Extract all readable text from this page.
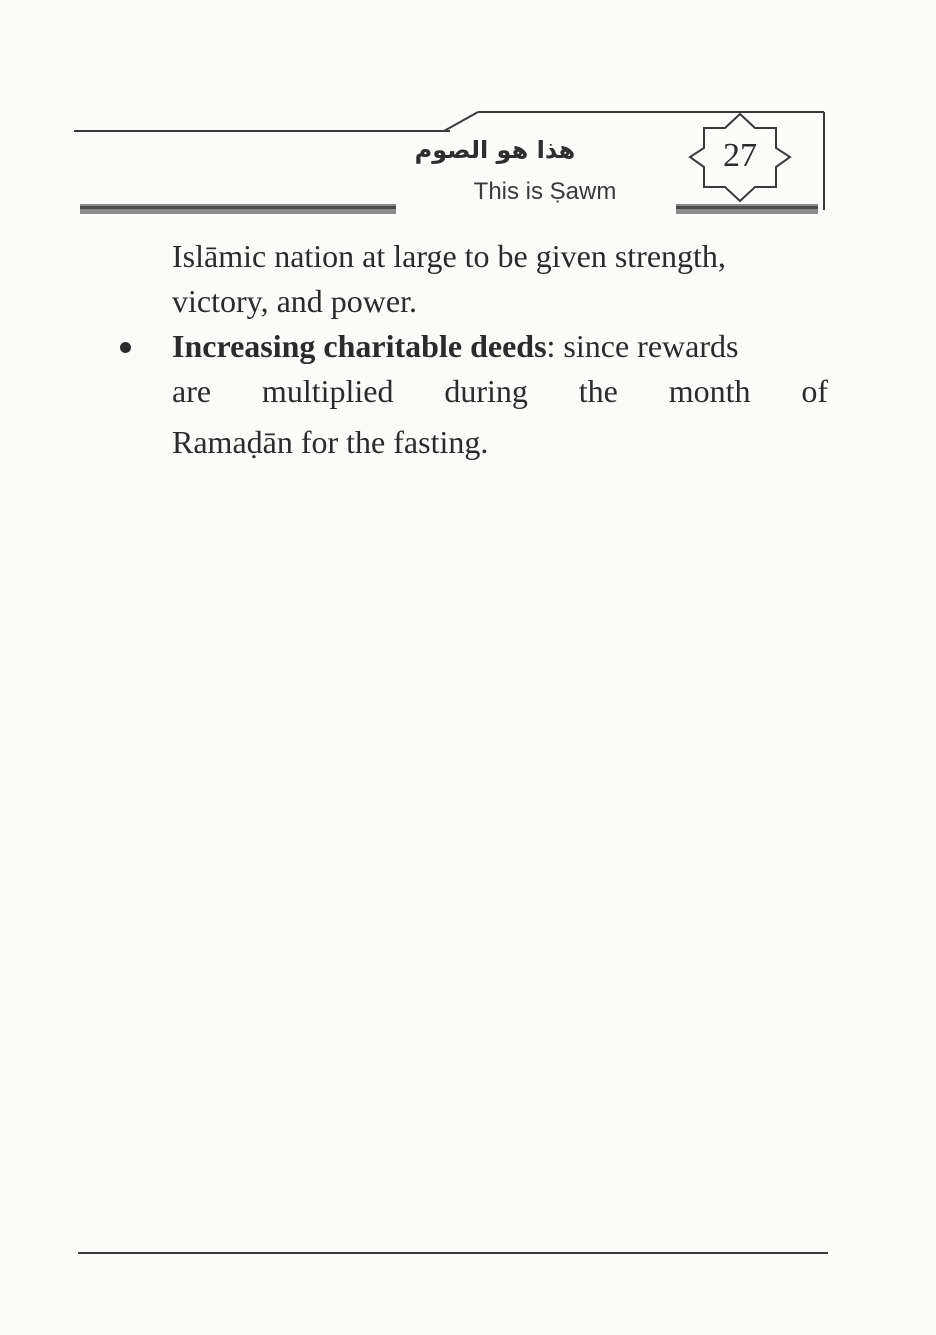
هذا هو الصوم
This is Ṣawm
27

Islāmic nation at large to be given strength,
victory, and power.

Increasing charitable deeds: since rewards
are multiplied during the month of
Ramaḍān for the fasting.
